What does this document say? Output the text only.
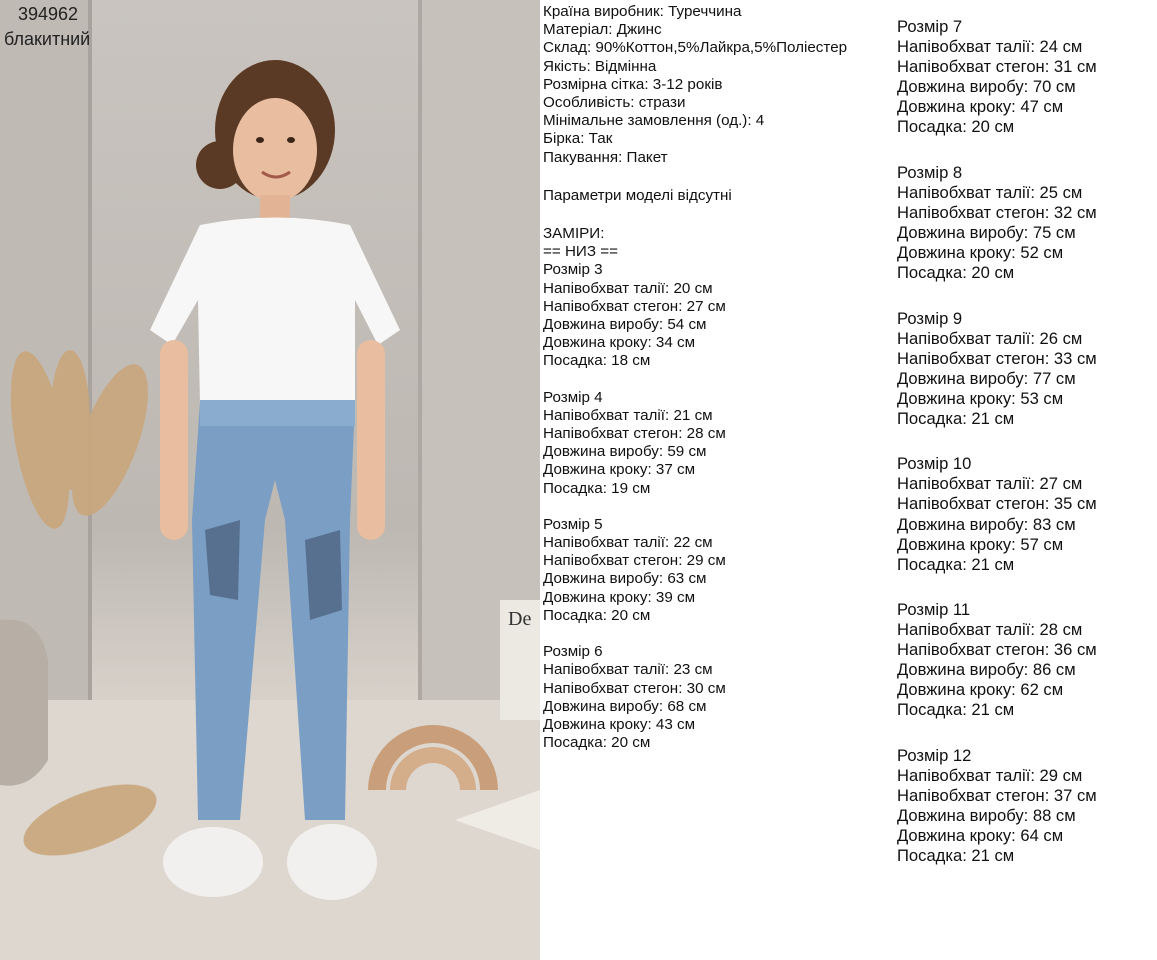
De
394962
блакитний
Країна виробник: Туреччина
Матеріал: Джинс
Склад: 90%Коттон,5%Лайкра,5%Поліестер
Якість: Відмінна
Розмірна сітка: 3-12 років
Особливість: стрази
Мінімальне замовлення (од.): 4
Бірка: Так
Пакування: Пакет
Параметри моделі відсутні
ЗАМІРИ:
== НИЗ ==
Розмір 3
Напівобхват талії: 20 см
Напівобхват стегон: 27 см
Довжина виробу: 54 см
Довжина кроку: 34 см
Посадка: 18 см
Розмір 4
Напівобхват талії: 21 см
Напівобхват стегон: 28 см
Довжина виробу: 59 см
Довжина кроку: 37 см
Посадка: 19 см
Розмір 5
Напівобхват талії: 22 см
Напівобхват стегон: 29 см
Довжина виробу: 63 см
Довжина кроку: 39 см
Посадка: 20 см
Розмір 6
Напівобхват талії: 23 см
Напівобхват стегон: 30 см
Довжина виробу: 68 см
Довжина кроку: 43 см
Посадка: 20 см
Розмір 7
Напівобхват талії: 24 см
Напівобхват стегон: 31 см
Довжина виробу: 70 см
Довжина кроку: 47 см
Посадка: 20 см
Розмір 8
Напівобхват талії: 25 см
Напівобхват стегон: 32 см
Довжина виробу: 75 см
Довжина кроку: 52 см
Посадка: 20 см
Розмір 9
Напівобхват талії: 26 см
Напівобхват стегон: 33 см
Довжина виробу: 77 см
Довжина кроку: 53 см
Посадка: 21 см
Розмір 10
Напівобхват талії: 27 см
Напівобхват стегон: 35 см
Довжина виробу: 83 см
Довжина кроку: 57 см
Посадка: 21 см
Розмір 11
Напівобхват талії: 28 см
Напівобхват стегон: 36 см
Довжина виробу: 86 см
Довжина кроку: 62 см
Посадка: 21 см
Розмір 12
Напівобхват талії: 29 см
Напівобхват стегон: 37 см
Довжина виробу: 88 см
Довжина кроку: 64 см
Посадка: 21 см
